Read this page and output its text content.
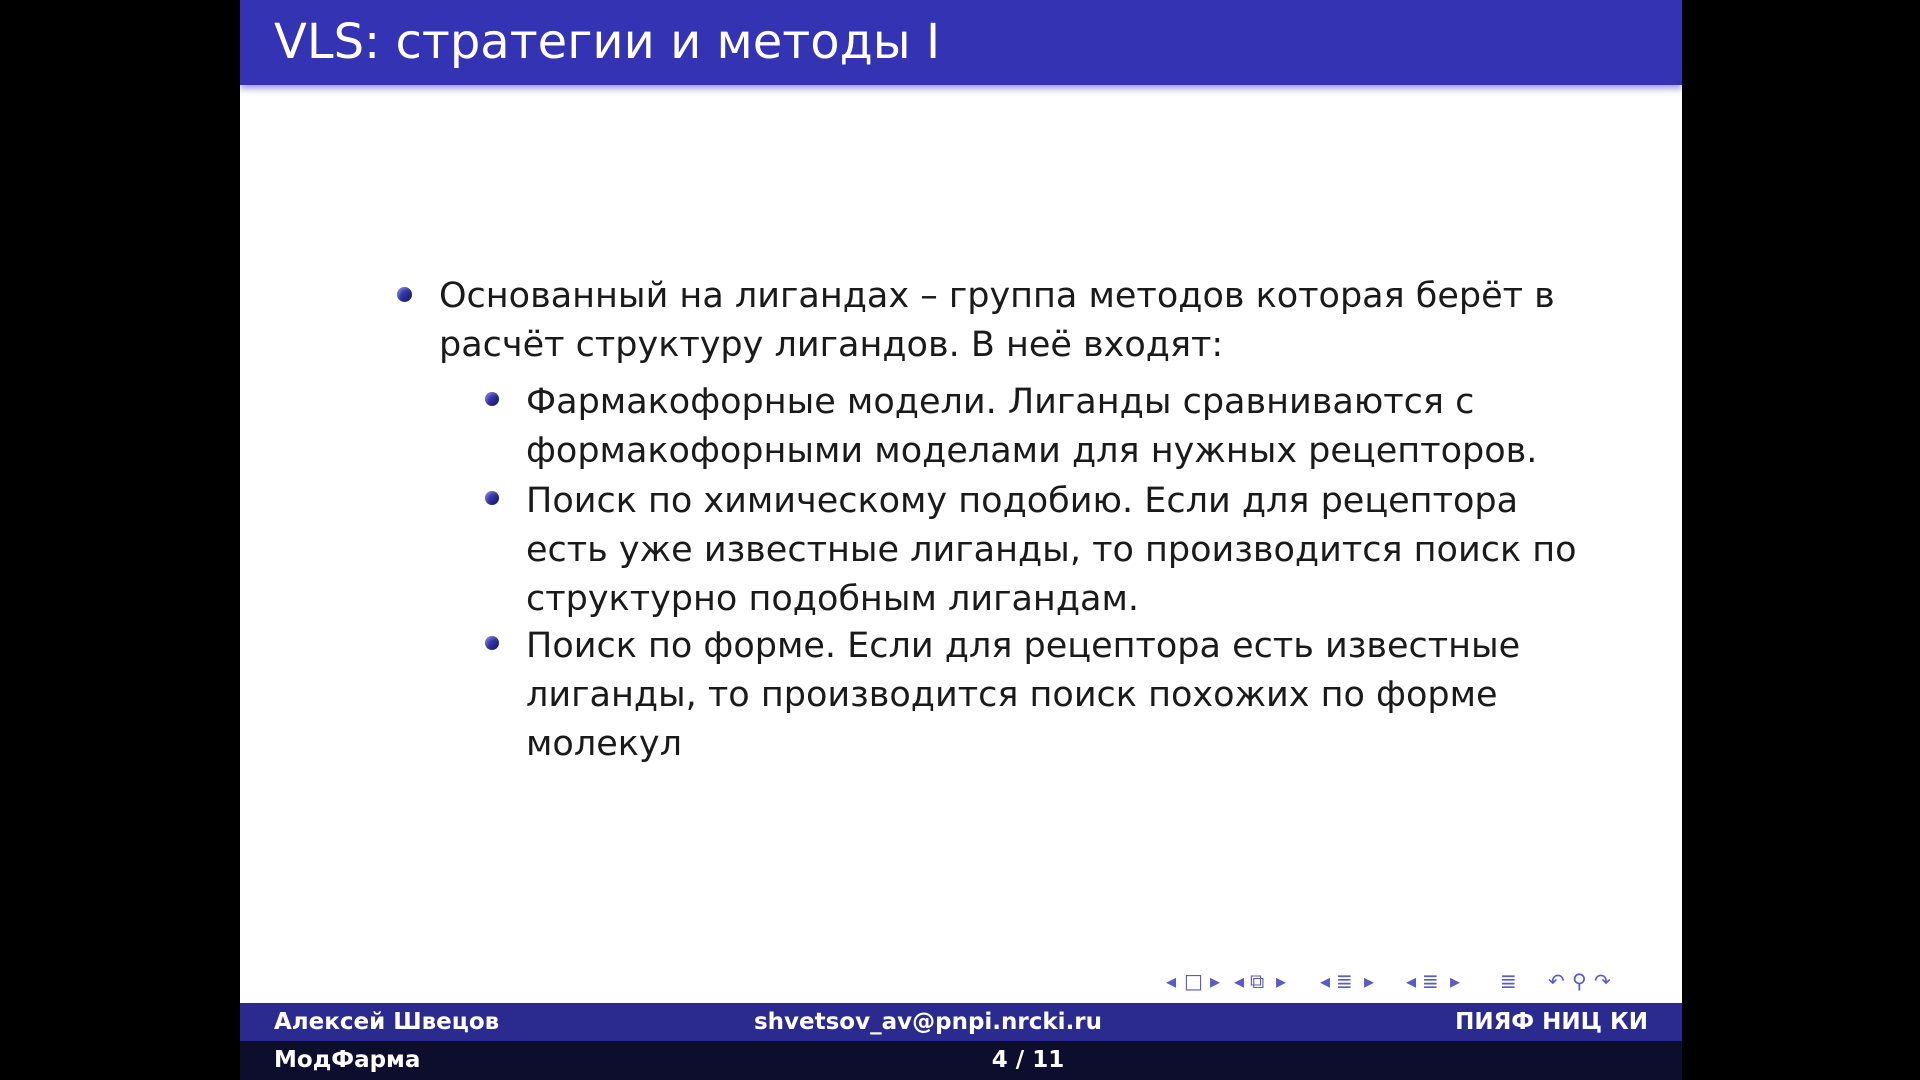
VLS: стратегии и методы I
Основанный на лигандах – группа методов которая берёт в расчёт структуру лигандов. В неё входят:
Фармакофорные модели. Лиганды сравниваются с формакофорными моделами для нужных рецепторов.
Поиск по химическому подобию. Если для рецептора есть уже известные лиганды, то производится поиск по структурно подобным лигандам.
Поиск по форме. Если для рецептора есть известные лиганды, то производится поиск похожих по форме молекул
◂ □ ▸ ◂ ⧉ ▸ ◂ ≣ ▸ ◂ ≣ ▸ ≣ ↶ ⚲ ↷
Алексей Швецов	shvetsov_av@pnpi.nrcki.ru	ПИЯФ НИЦ КИ
МодФарма	4 / 11
